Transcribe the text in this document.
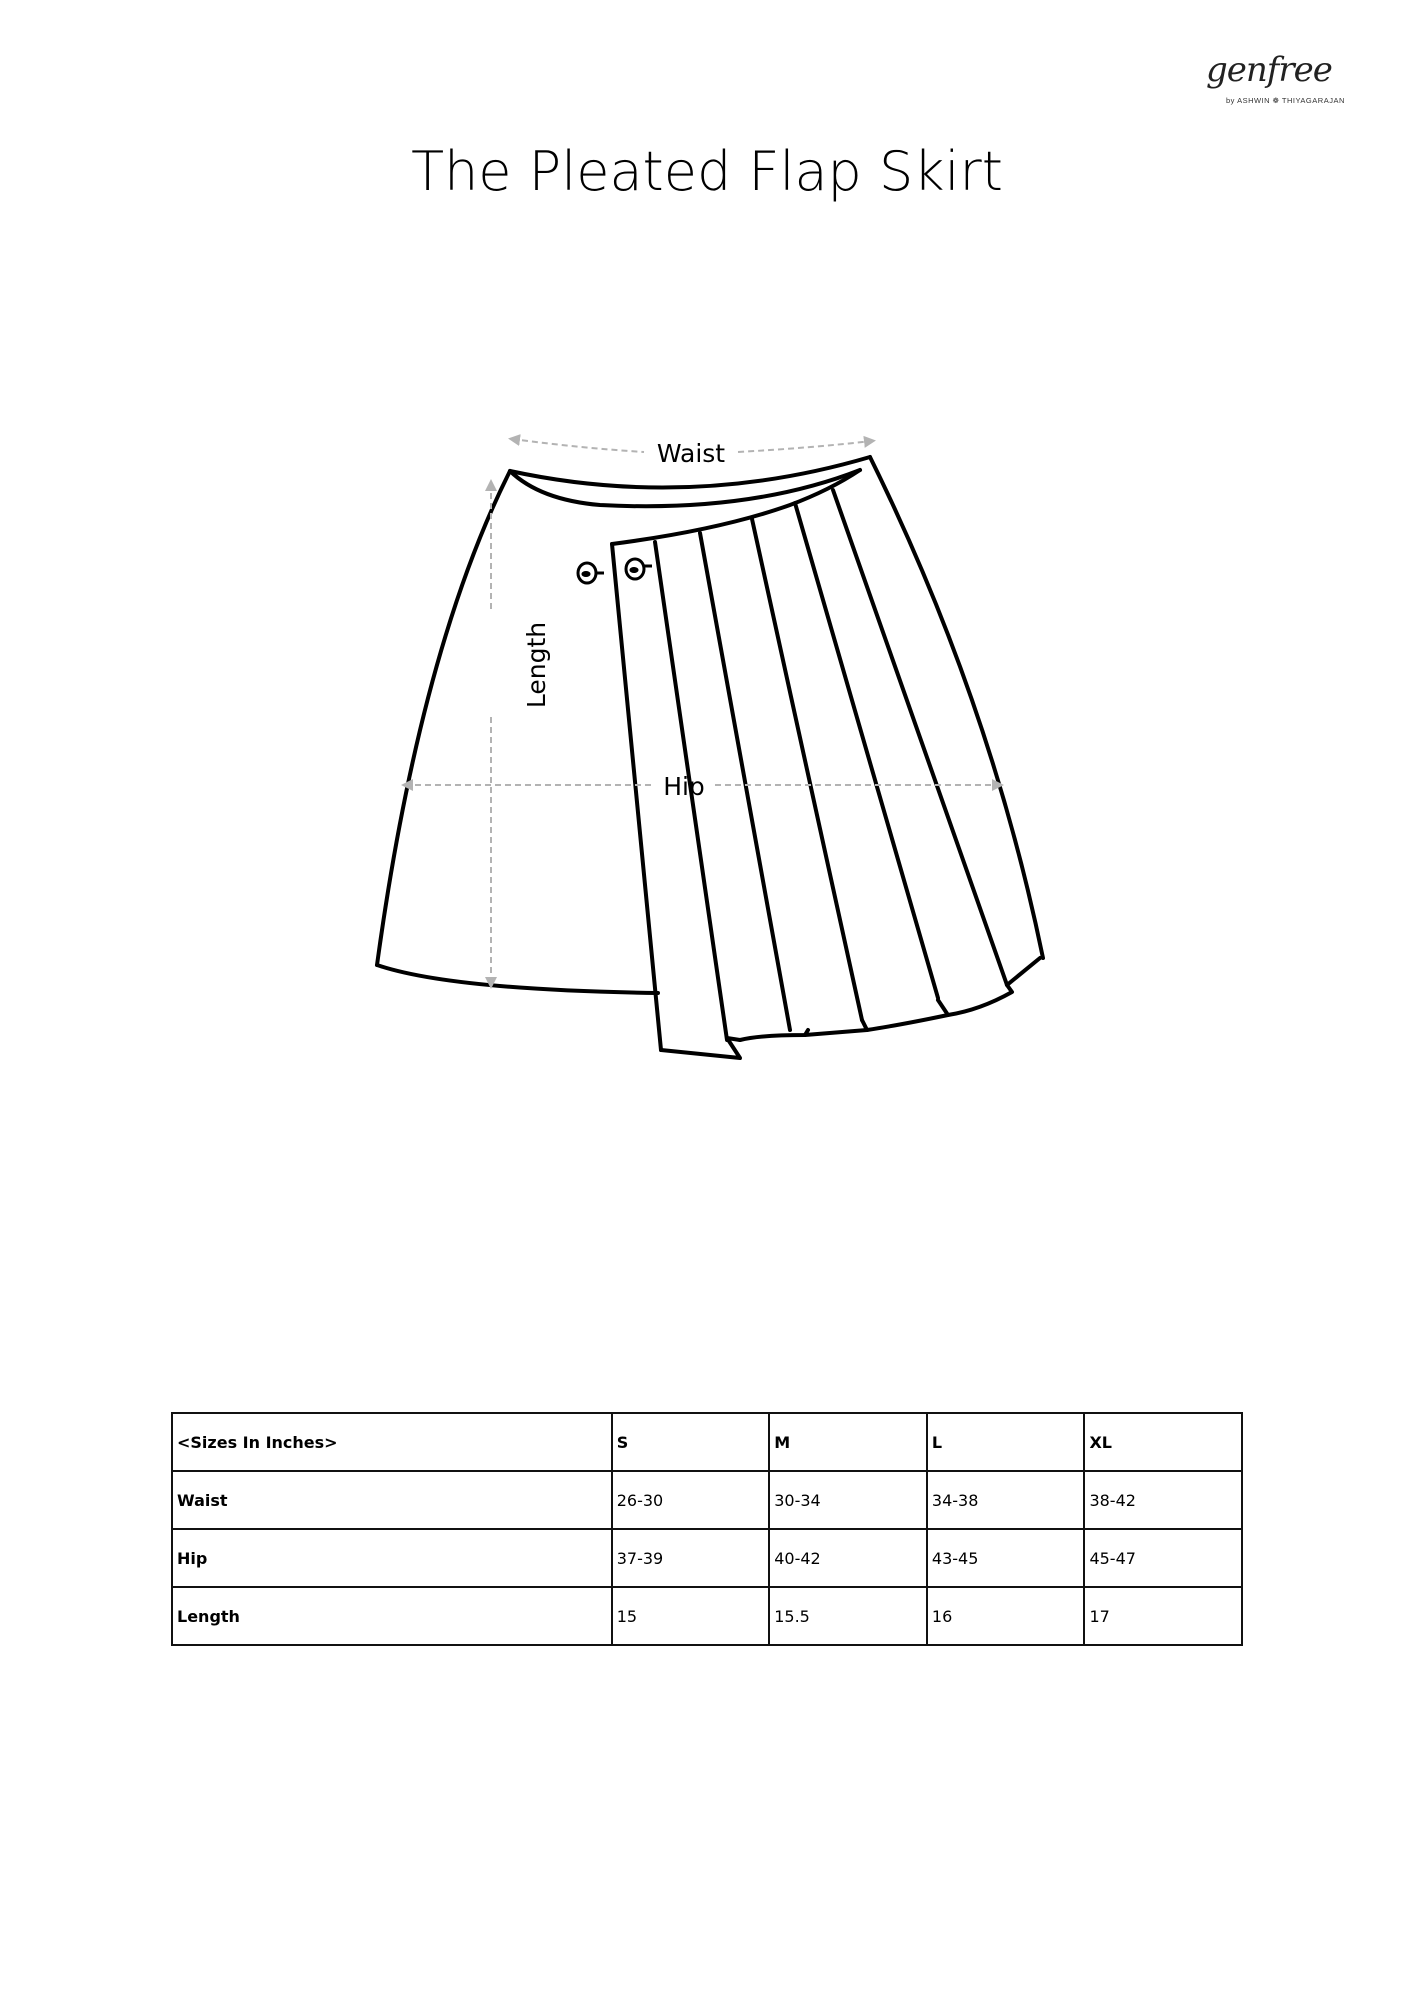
genfree
by ASHWIN ❁ THIYAGARAJAN
The Pleated Flap Skirt
Waist
Length
Hip
<Sizes In Inches>	S	M	L	XL
Waist	26-30	30-34	34-38	38-42
Hip	37-39	40-42	43-45	45-47
Length	15	15.5	16	17
